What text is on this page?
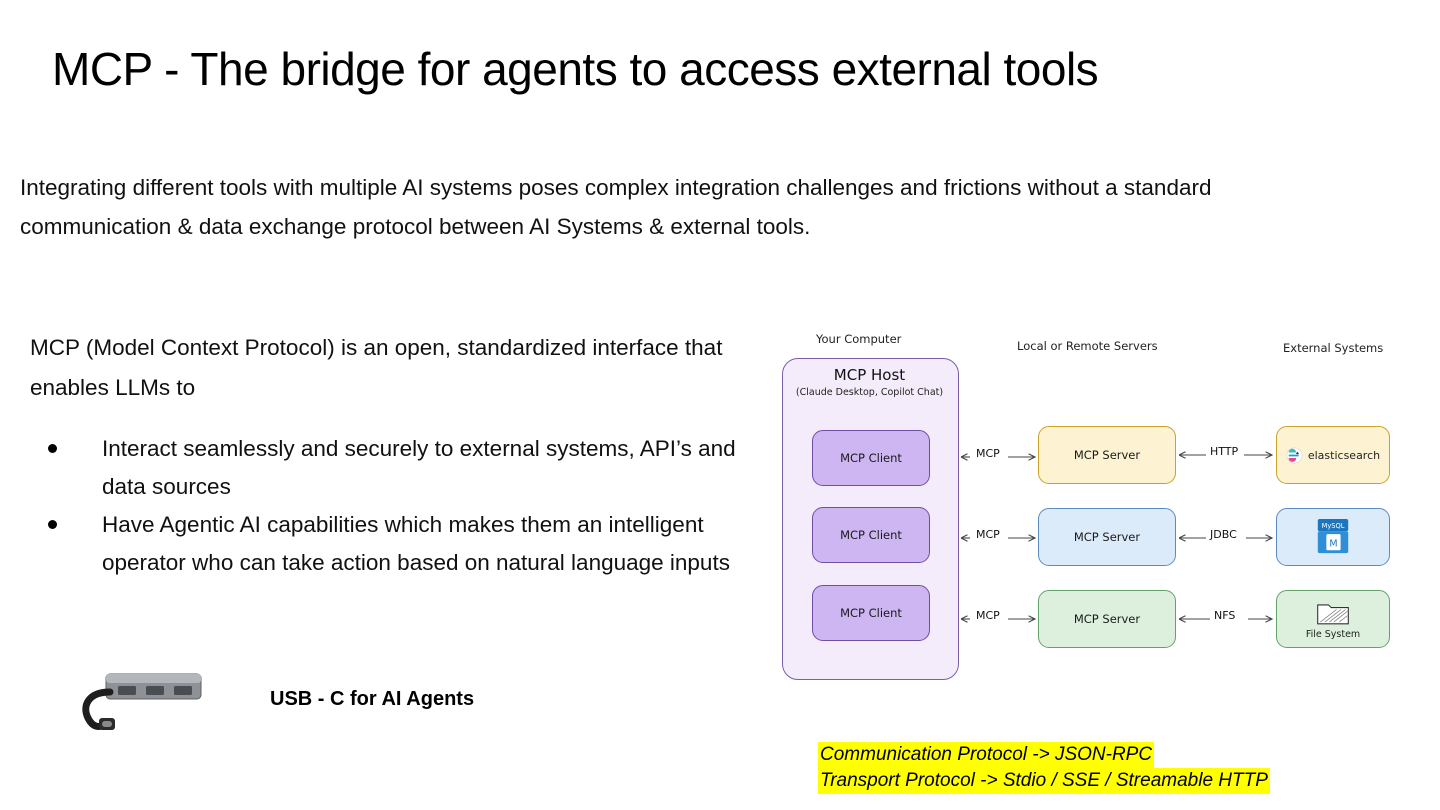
MCP - The bridge for agents to access external tools
Integrating different tools with multiple AI systems poses complex integration challenges and frictions without a standard communication & data exchange protocol between AI Systems & external tools.
MCP (Model Context Protocol) is an open, standardized interface that enables LLMs to
Interact seamlessly and securely to external systems, API’s and data sources
Have Agentic AI capabilities which makes them an intelligent operator who can take action based on natural language inputs
USB - C for AI Agents
Your Computer	Local or Remote Servers	External Systems
MCP Host
(Claude Desktop, Copilot Chat)
MCP Client
MCP Client
MCP Client
MCP Server
MCP Server
MCP Server
elasticsearch
MySQL
M
File System
MCP
MCP
MCP
HTTP
JDBC
NFS
Communication Protocol -> JSON-RPC
Transport Protocol -> Stdio / SSE / Streamable HTTP
